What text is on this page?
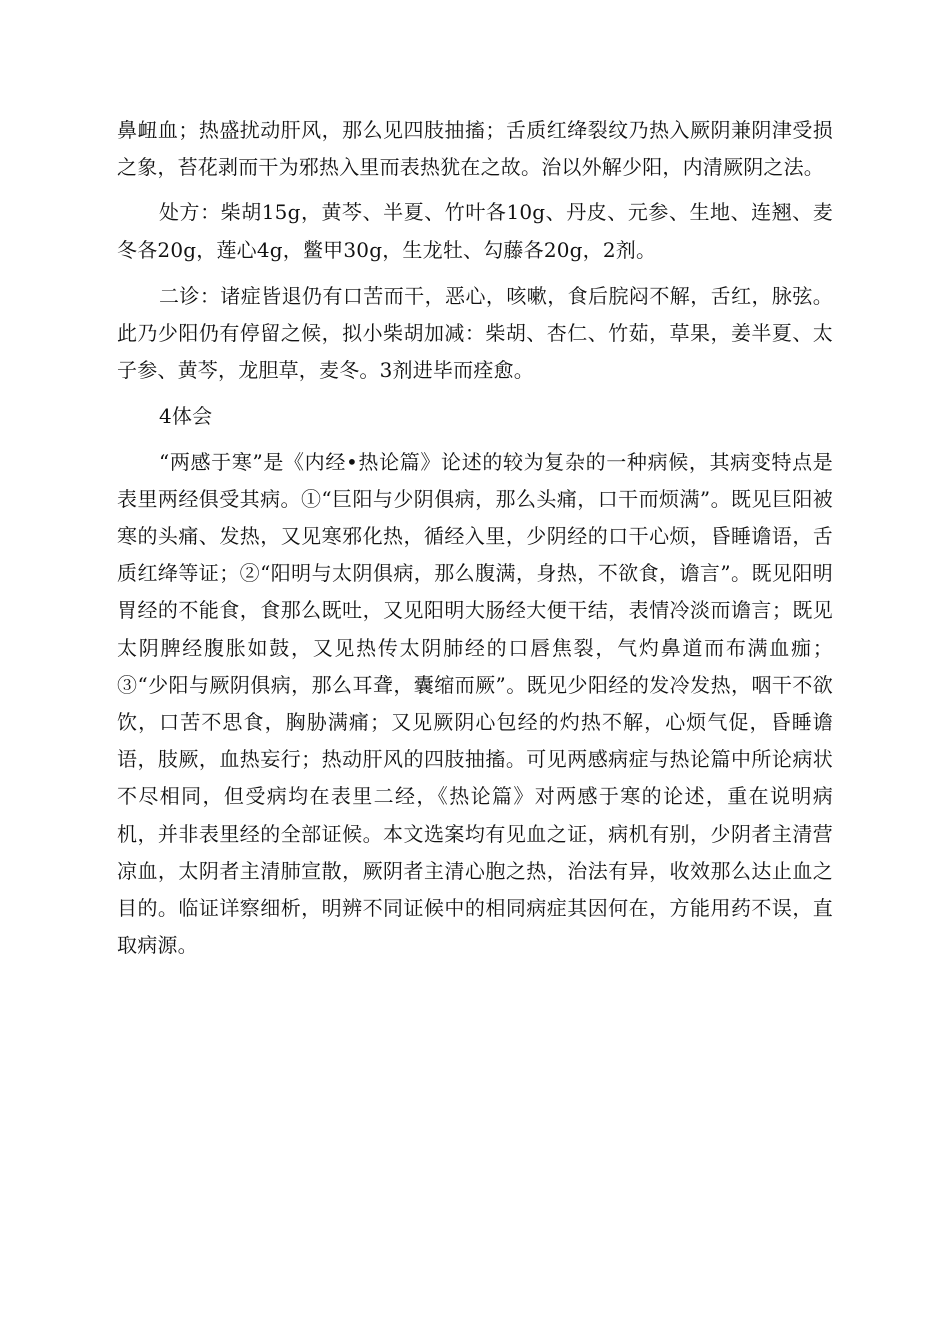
鼻衄血；热盛扰动肝风，那么见四肢抽搐；舌质红绛裂纹乃热入厥阴兼阴津受损之象，苔花剥而干为邪热入里而表热犹在之故。治以外解少阳，内清厥阴之法。

处方：柴胡15g，黄芩、半夏、竹叶各10g、丹皮、元参、生地、连翘、麦冬各20g，莲心4g，鳖甲30g，生龙牡、勾藤各20g，2剂。

二诊：诸症皆退仍有口苦而干，恶心，咳嗽，食后脘闷不解，舌红，脉弦。此乃少阳仍有停留之候，拟小柴胡加减：柴胡、杏仁、竹茹，草果，姜半夏、太子参、黄芩，龙胆草，麦冬。3剂进毕而痊愈。

4体会

“两感于寒”是《内经•热论篇》论述的较为复杂的一种病候，其病变特点是表里两经俱受其病。①“巨阳与少阴俱病，那么头痛，口干而烦满”。既见巨阳被寒的头痛、发热，又见寒邪化热，循经入里，少阴经的口干心烦，昏睡谵语，舌质红绛等证；②“阳明与太阴俱病，那么腹满，身热，不欲食，谵言”。既见阳明胃经的不能食，食那么既吐，又见阳明大肠经大便干结，表情冷淡而谵言；既见太阴脾经腹胀如鼓，又见热传太阴肺经的口唇焦裂，气灼鼻道而布满血痂；③“少阳与厥阴俱病，那么耳聋，囊缩而厥”。既见少阳经的发冷发热，咽干不欲饮，口苦不思食，胸胁满痛；又见厥阴心包经的灼热不解，心烦气促，昏睡谵语，肢厥，血热妄行；热动肝风的四肢抽搐。可见两感病症与热论篇中所论病状不尽相同，但受病均在表里二经，《热论篇》对两感于寒的论述，重在说明病机，并非表里经的全部证候。本文选案均有见血之证，病机有别，少阴者主清营凉血，太阴者主清肺宣散，厥阴者主清心胞之热，治法有异，收效那么达止血之目的。临证详察细析，明辨不同证候中的相同病症其因何在，方能用药不误，直取病源。
